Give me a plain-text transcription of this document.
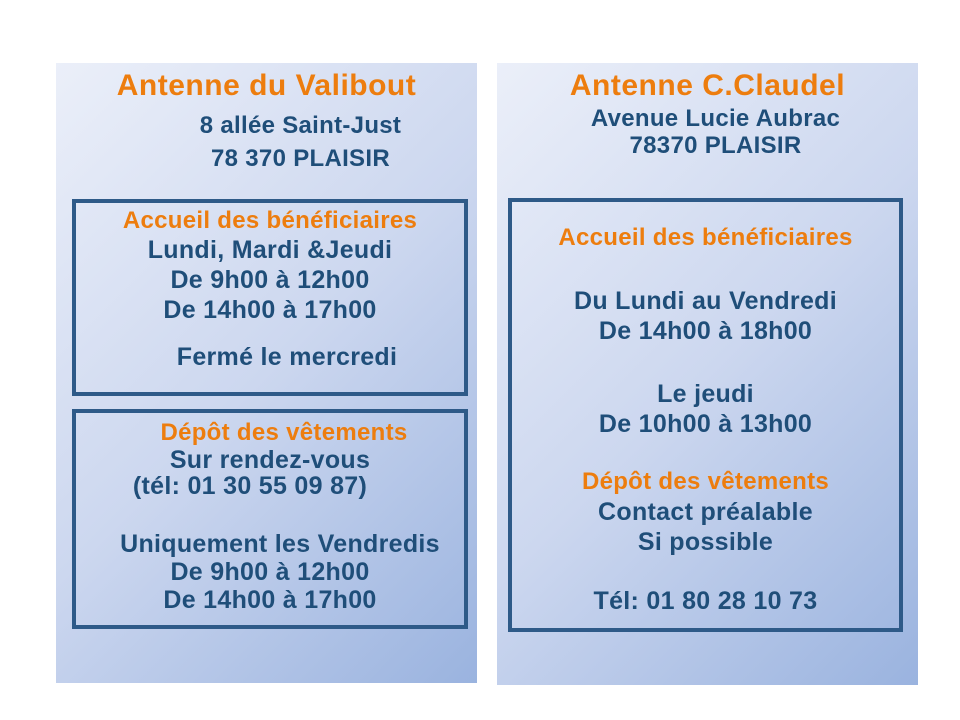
Antenne du Valibout
8 allée Saint-Just
78 370 PLAISIR
Accueil des bénéficiaires
Lundi, Mardi &Jeudi
De 9h00 à 12h00
De 14h00 à 17h00
Fermé le mercredi
Dépôt des vêtements
Sur rendez-vous
(tél: 01 30 55 09 87)
Uniquement les Vendredis
De 9h00 à 12h00
De 14h00 à 17h00
Antenne C.Claudel
Avenue Lucie Aubrac
78370 PLAISIR
Accueil des bénéficiaires
Du Lundi au Vendredi
De 14h00 à 18h00
Le jeudi
De 10h00 à 13h00
Dépôt des vêtements
Contact préalable
Si possible
Tél: 01 80 28 10 73
